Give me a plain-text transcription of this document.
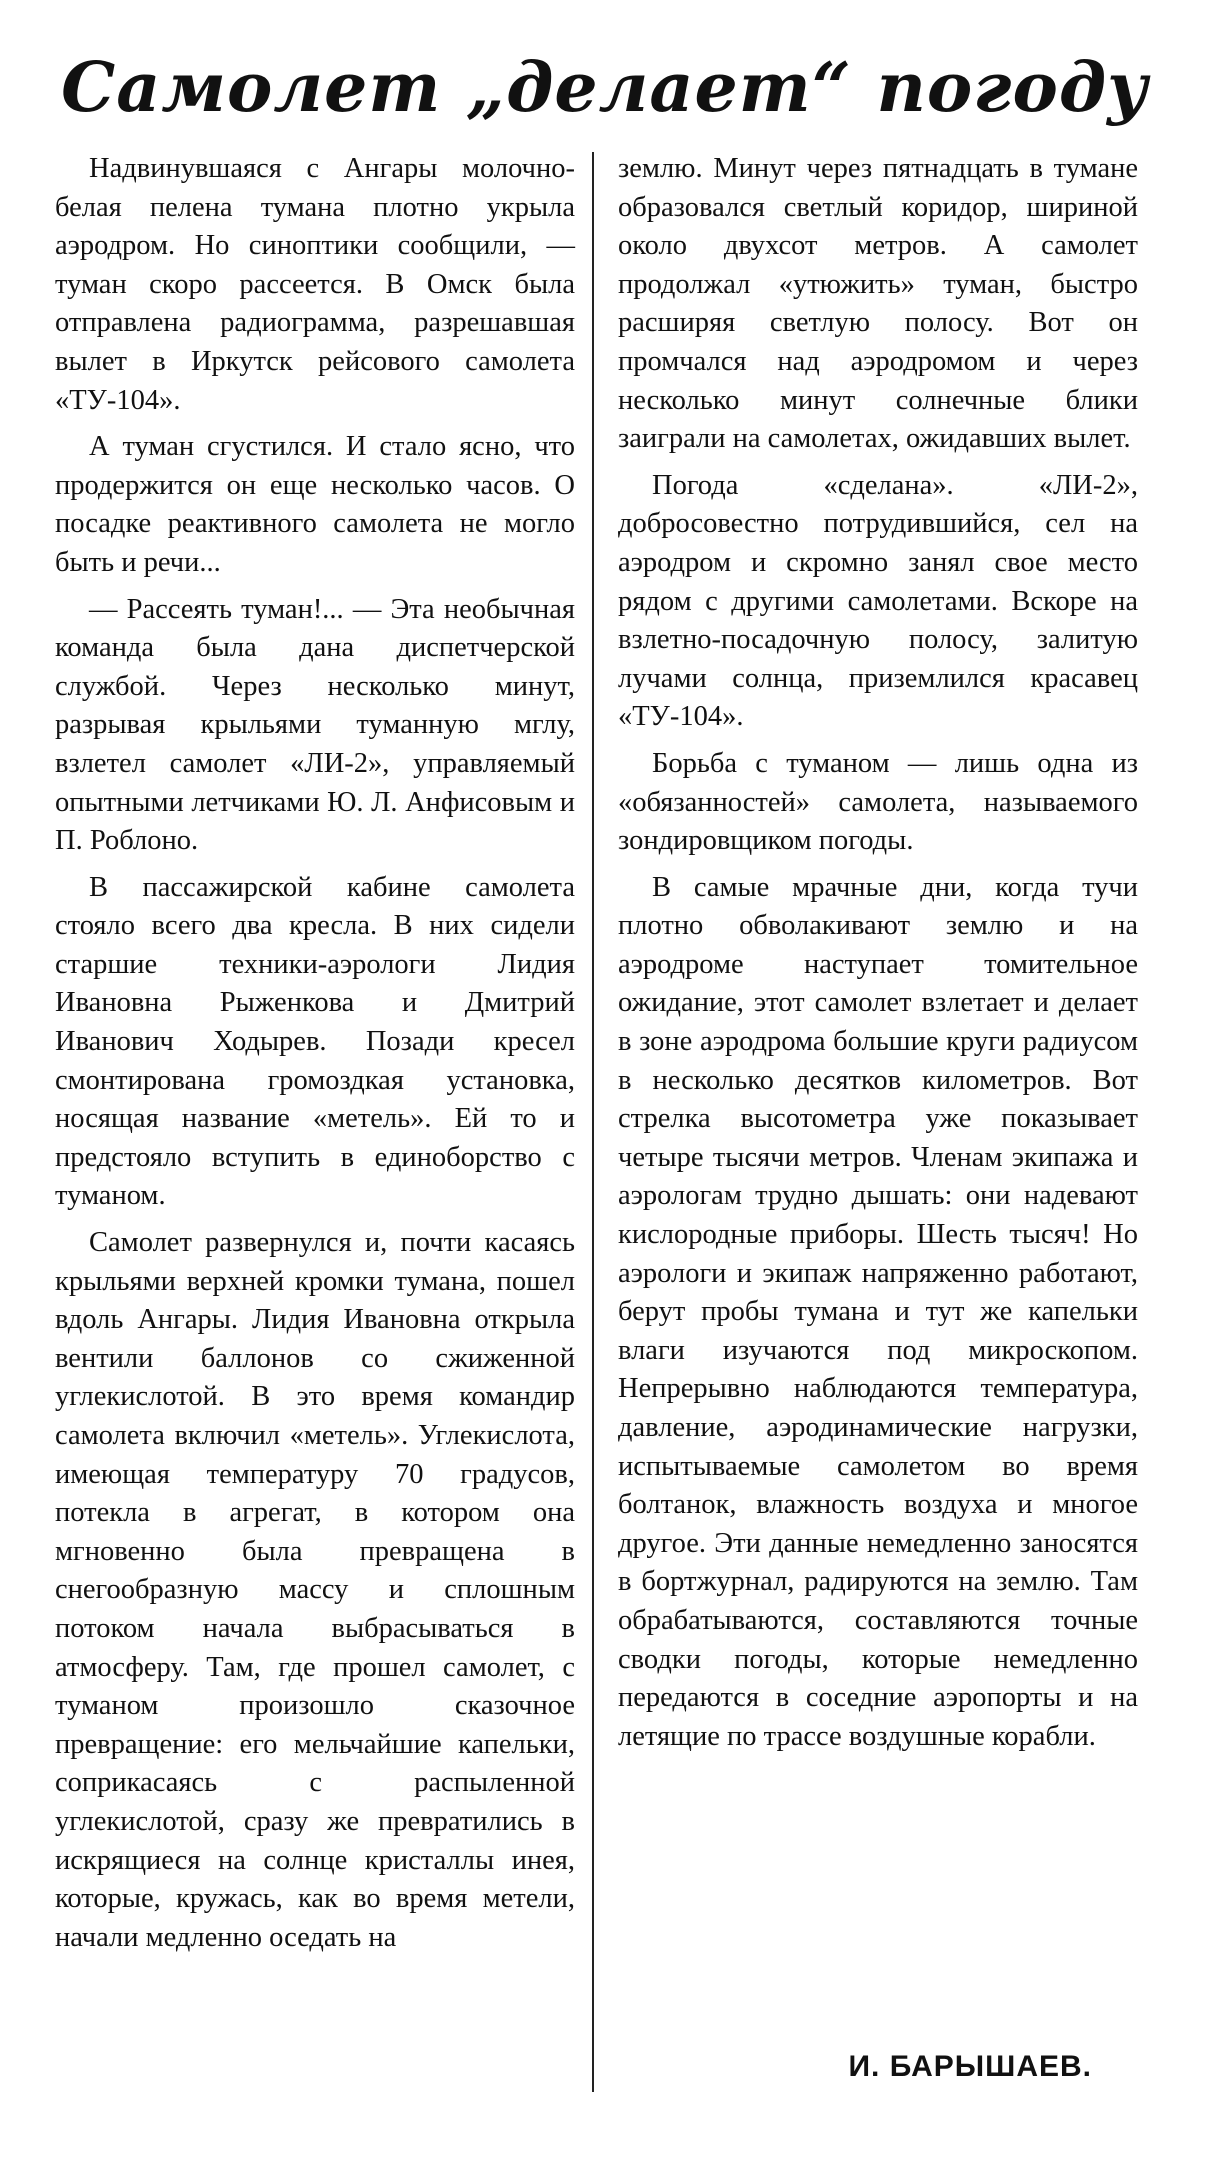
Самолет „делает“ погоду

Надвинувшаяся с Ангары молочно-белая пелена тумана плотно укрыла аэродром. Но синоптики сообщили, — туман скоро рассеется. В Омск была отправлена радиограмма, разрешавшая вылет в Иркутск рейсового самолета «ТУ-104».

А туман сгустился. И стало ясно, что продержится он еще несколько часов. О посадке реактивного самолета не могло быть и речи...

— Рассеять туман!... — Эта необычная команда была дана диспетчерской службой. Через несколько минут, разрывая крыльями туманную мглу, взлетел самолет «ЛИ-2», управляемый опытными летчиками Ю. Л. Анфисовым и П. Роблоно.

В пассажирской кабине самолета стояло всего два кресла. В них сидели старшие техники-аэрологи Лидия Ивановна Рыженкова и Дмитрий Иванович Ходырев. Позади кресел смонтирована громоздкая установка, носящая название «метель». Ей то и предстояло вступить в единоборство с туманом.

Самолет развернулся и, почти касаясь крыльями верхней кромки тумана, пошел вдоль Ангары. Лидия Ивановна открыла вентили баллонов со сжиженной углекислотой. В это время командир самолета включил «метель». Углекислота, имеющая температуру 70 градусов, потекла в агрегат, в котором она мгновенно была превращена в снегообразную массу и сплошным потоком начала выбрасываться в атмосферу. Там, где прошел самолет, с туманом произошло сказочное превращение: его мельчайшие капельки, соприкасаясь с распыленной углекислотой, сразу же превратились в искрящиеся на солнце кристаллы инея, которые, кружась, как во время метели, начали медленно оседать на

землю. Минут через пятнадцать в тумане образовался светлый коридор, шириной около двухсот метров. А самолет продолжал «утюжить» туман, быстро расширяя светлую полосу. Вот он промчался над аэродромом и через несколько минут солнечные блики заиграли на самолетах, ожидавших вылет.

Погода «сделана». «ЛИ-2», добросовестно потрудившийся, сел на аэродром и скромно занял свое место рядом с другими самолетами. Вскоре на взлетно-посадочную полосу, залитую лучами солнца, приземлился красавец «ТУ-104».

Борьба с туманом — лишь одна из «обязанностей» самолета, называемого зондировщиком погоды.

В самые мрачные дни, когда тучи плотно обволакивают землю и на аэродроме наступает томительное ожидание, этот самолет взлетает и делает в зоне аэродрома большие круги радиусом в несколько десятков километров. Вот стрелка высотометра уже показывает четыре тысячи метров. Членам экипажа и аэрологам трудно дышать: они надевают кислородные приборы. Шесть тысяч! Но аэрологи и экипаж напряженно работают, берут пробы тумана и тут же капельки влаги изучаются под микроскопом. Непрерывно наблюдаются температура, давление, аэродинамические нагрузки, испытываемые самолетом во время болтанок, влажность воздуха и многое другое. Эти данные немедленно заносятся в бортжурнал, радируются на землю. Там обрабатываются, составляются точные сводки погоды, которые немедленно передаются в соседние аэропорты и на летящие по трассе воздушные корабли.

И. БАРЫШАЕВ.
